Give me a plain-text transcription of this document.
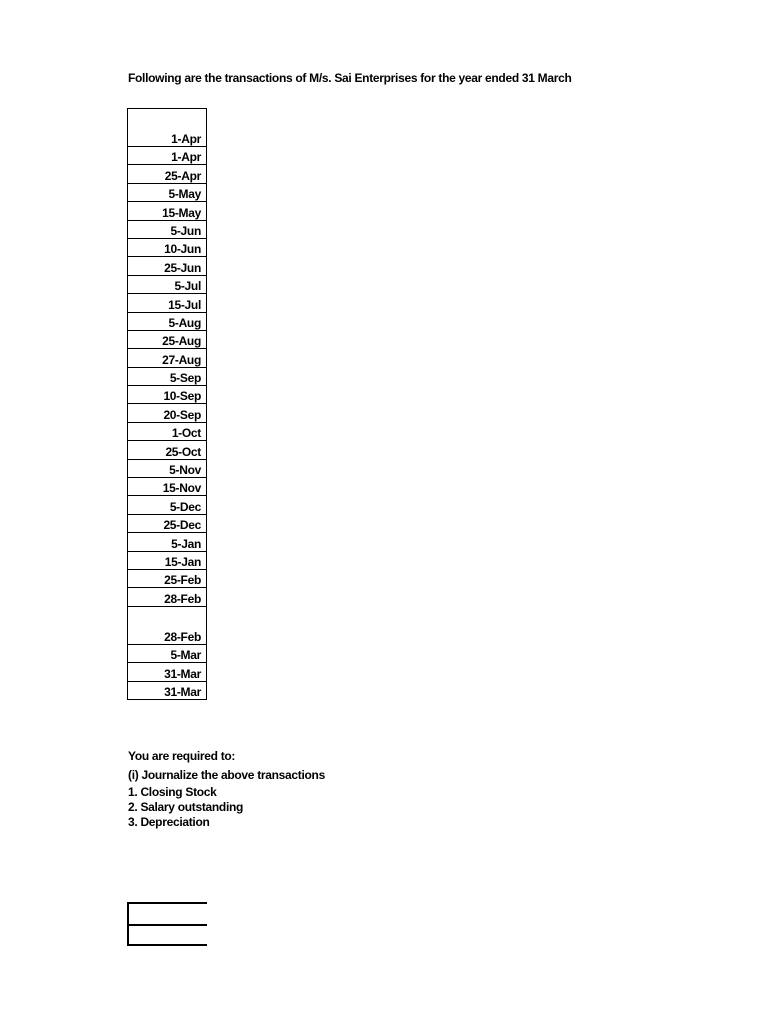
Following are the transactions of M/s. Sai Enterprises for the year ended 31 March
1-Apr
1-Apr
25-Apr
5-May
15-May
5-Jun
10-Jun
25-Jun
5-Jul
15-Jul
5-Aug
25-Aug
27-Aug
5-Sep
10-Sep
20-Sep
1-Oct
25-Oct
5-Nov
15-Nov
5-Dec
25-Dec
5-Jan
15-Jan
25-Feb
28-Feb
28-Feb
5-Mar
31-Mar
31-Mar
You are required to:
(i) Journalize the above transactions
1. Closing Stock
2. Salary outstanding
3. Depreciation
